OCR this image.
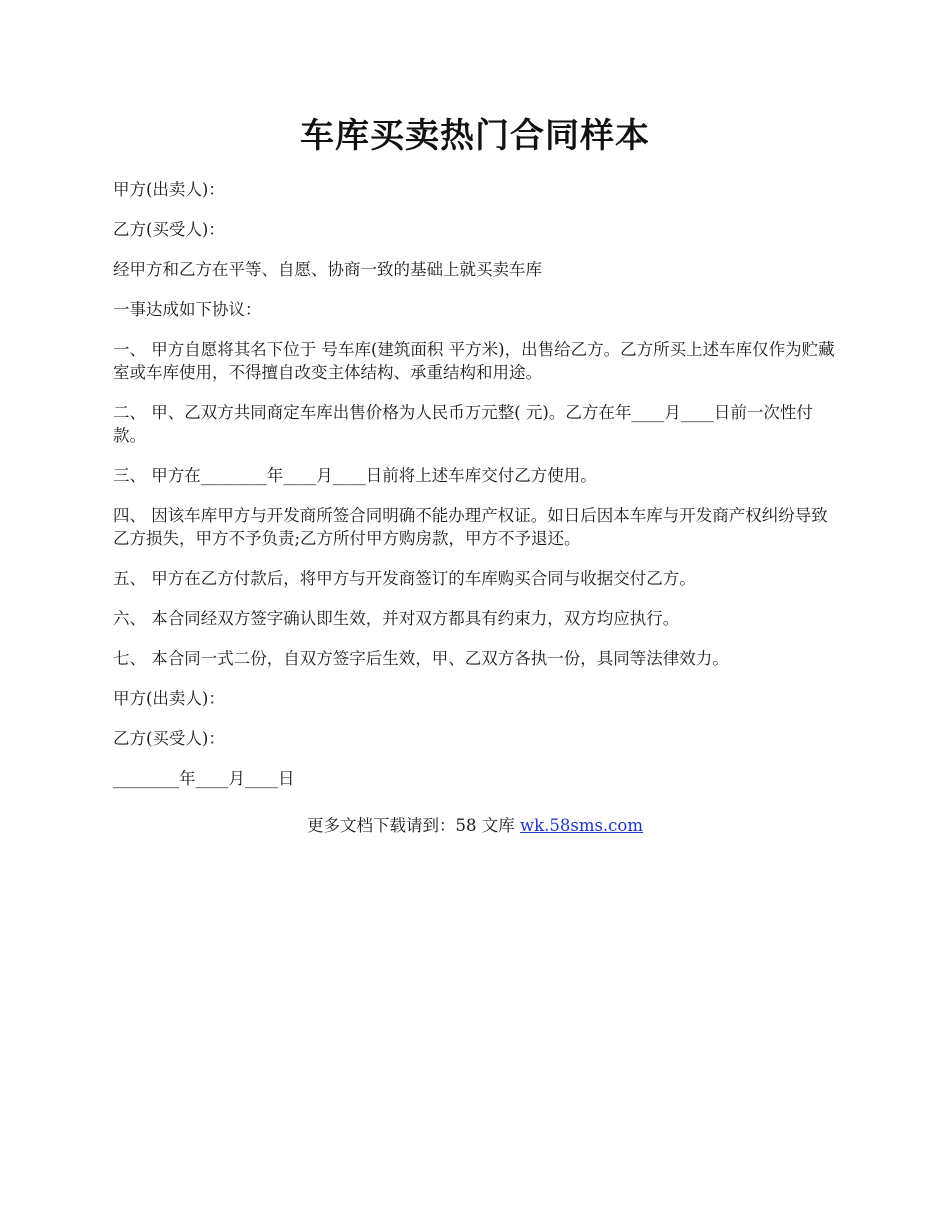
车库买卖热门合同样本

甲方(出卖人)：

乙方(买受人)：

经甲方和乙方在平等、自愿、协商一致的基础上就买卖车库

一事达成如下协议：

一、 甲方自愿将其名下位于 号车库(建筑面积 平方米)，出售给乙方。乙方所买上述车库仅作为贮藏室或车库使用，不得擅自改变主体结构、承重结构和用途。

二、 甲、乙双方共同商定车库出售价格为人民币万元整( 元)。乙方在年____月____日前一次性付款。

三、 甲方在________年____月____日前将上述车库交付乙方使用。

四、 因该车库甲方与开发商所签合同明确不能办理产权证。如日后因本车库与开发商产权纠纷导致乙方损失，甲方不予负责;乙方所付甲方购房款，甲方不予退还。

五、 甲方在乙方付款后，将甲方与开发商签订的车库购买合同与收据交付乙方。

六、 本合同经双方签字确认即生效，并对双方都具有约束力，双方均应执行。

七、 本合同一式二份，自双方签字后生效，甲、乙双方各执一份，具同等法律效力。

甲方(出卖人)：

乙方(买受人)：

________年____月____日

更多文档下载请到：58 文库 wk.58sms.com
